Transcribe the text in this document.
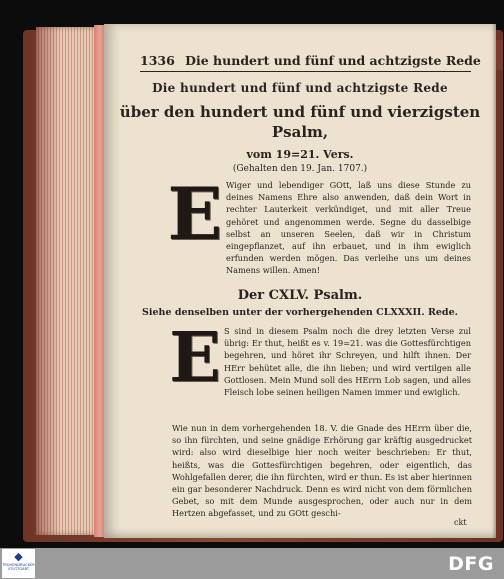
1336 Die hundert und fünf und achtzigste Rede
Die hundert und fünf und achtzigste Rede
über den hundert und fünf und vierzigsten
Psalm,
vom 19=21. Vers.
(Gehalten den 19. Jan. 1707.)
E Wiger und lebendiger GOtt, laß uns diese Stunde zu deines Namens Ehre also anwenden, daß dein Wort in rechter Lauterkeit verkündiget, und mit aller Treue gehöret und angenommen werde. Segne du dasselbige selbst an unseren Seelen, daß wir in Christum eingepflanzet, auf ihn erbauet, und in ihm ewiglich erfunden werden mögen. Das verleihe uns um deines Namens willen. Amen!
Der CXLV. Psalm.
Siehe denselben unter der vorhergehenden CLXXXII. Rede.
E S sind in diesem Psalm noch die drey letzten Verse zul übrig: Er thut, heißt es v. 19=21. was die Gottesfürchtigen begehren, und höret ihr Schreyen, und hilft ihnen. Der HErr behütet alle, die ihn lieben; und wird vertilgen alle Gottlosen. Mein Mund soll des HErrn Lob sagen, und alles Fleisch lobe seinen heiligen Namen immer und ewiglich.
Wie nun in dem vorhergehenden 18. V. die Gnade des HErrn über die, so ihn fürchten, und seine gnädige Erhörung gar kräftig ausgedrucket wird: also wird dieselbige hier noch weiter beschrieben: Er thut, heißts, was die Gottesfürchtigen begehren, oder eigentlich, das Wohlgefallen derer, die ihn fürchten, wird er thun. Es ist aber hierinnen ein gar besonderer Nachdruck. Denn es wird nicht von dem förmlichen Gebet, so mit dem Munde ausgesprochen, oder auch nur in dem Hertzen abgefasset, und zu GOtt geschi-
ckt
◆
TRUHENDRUCKER
STUTTGART	DFG
